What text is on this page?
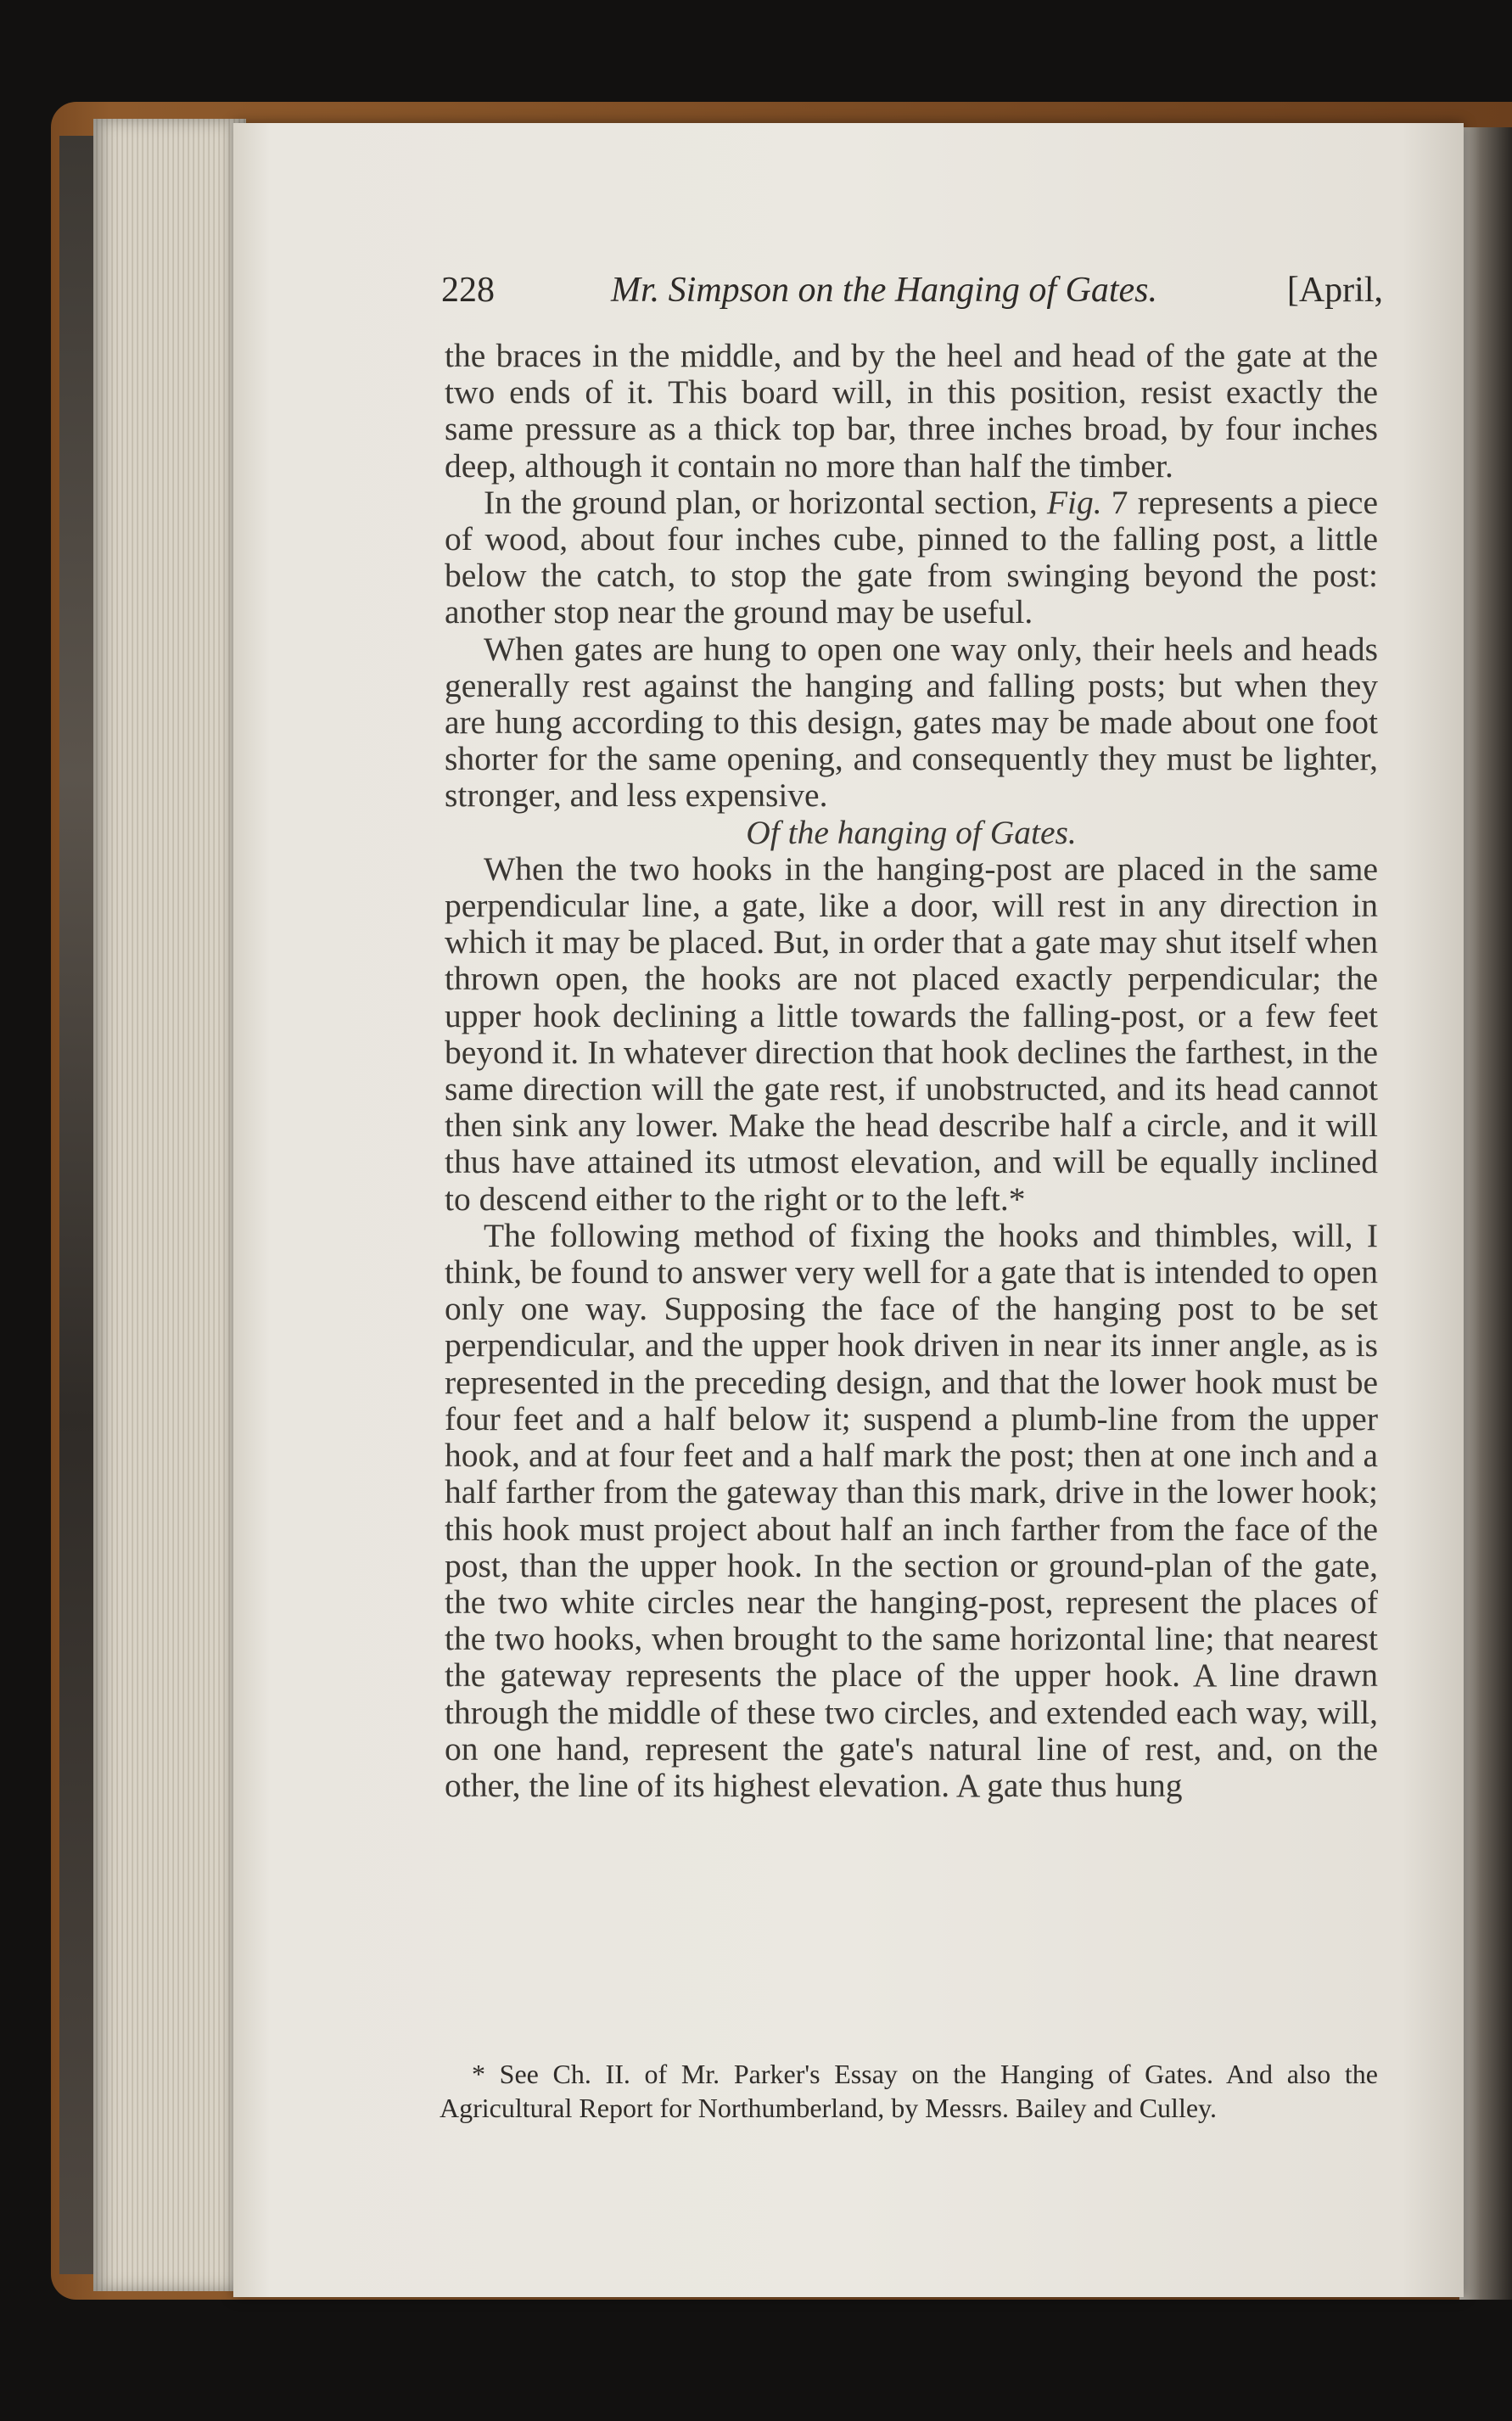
228	Mr. Simpson on the Hanging of Gates.	[April,

the braces in the middle, and by the heel and head of the gate at the two ends of it. This board will, in this position, resist exactly the same pressure as a thick top bar, three inches broad, by four inches deep, although it contain no more than half the timber.

In the ground plan, or horizontal section, Fig. 7 represents a piece of wood, about four inches cube, pinned to the falling post, a little below the catch, to stop the gate from swinging beyond the post: another stop near the ground may be useful.

When gates are hung to open one way only, their heels and heads generally rest against the hanging and falling posts; but when they are hung according to this design, gates may be made about one foot shorter for the same opening, and consequently they must be lighter, stronger, and less expensive.

Of the hanging of Gates.

When the two hooks in the hanging-post are placed in the same perpendicular line, a gate, like a door, will rest in any direction in which it may be placed. But, in order that a gate may shut itself when thrown open, the hooks are not placed exactly perpendicular; the upper hook declining a little towards the falling-post, or a few feet beyond it. In whatever direction that hook declines the farthest, in the same direction will the gate rest, if unobstructed, and its head cannot then sink any lower. Make the head describe half a circle, and it will thus have attained its utmost elevation, and will be equally inclined to descend either to the right or to the left.*

The following method of fixing the hooks and thimbles, will, I think, be found to answer very well for a gate that is intended to open only one way. Supposing the face of the hanging post to be set perpendicular, and the upper hook driven in near its inner angle, as is represented in the preceding design, and that the lower hook must be four feet and a half below it; suspend a plumb-line from the upper hook, and at four feet and a half mark the post; then at one inch and a half farther from the gateway than this mark, drive in the lower hook; this hook must project about half an inch farther from the face of the post, than the upper hook. In the section or ground-plan of the gate, the two white circles near the hanging-post, represent the places of the two hooks, when brought to the same horizontal line; that nearest the gateway represents the place of the upper hook. A line drawn through the middle of these two circles, and extended each way, will, on one hand, represent the gate's natural line of rest, and, on the other, the line of its highest elevation. A gate thus hung

* See Ch. II. of Mr. Parker's Essay on the Hanging of Gates. And also the Agricultural Report for Northumberland, by Messrs. Bailey and Culley.
